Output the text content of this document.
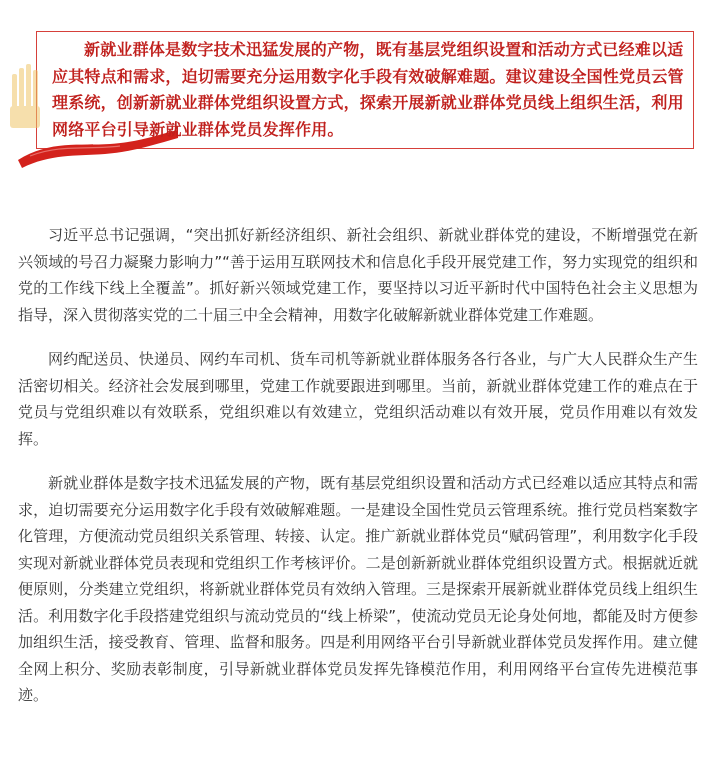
新就业群体是数字技术迅猛发展的产物，既有基层党组织设置和活动方式已经难以适应其特点和需求，迫切需要充分运用数字化手段有效破解难题。建议建设全国性党员云管理系统，创新新就业群体党组织设置方式，探索开展新就业群体党员线上组织生活，利用网络平台引导新就业群体党员发挥作用。

习近平总书记强调，“突出抓好新经济组织、新社会组织、新就业群体党的建设，不断增强党在新兴领域的号召力凝聚力影响力”“善于运用互联网技术和信息化手段开展党建工作，努力实现党的组织和党的工作线下线上全覆盖”。抓好新兴领域党建工作，要坚持以习近平新时代中国特色社会主义思想为指导，深入贯彻落实党的二十届三中全会精神，用数字化破解新就业群体党建工作难题。

网约配送员、快递员、网约车司机、货车司机等新就业群体服务各行各业，与广大人民群众生产生活密切相关。经济社会发展到哪里，党建工作就要跟进到哪里。当前，新就业群体党建工作的难点在于党员与党组织难以有效联系，党组织难以有效建立，党组织活动难以有效开展，党员作用难以有效发挥。

新就业群体是数字技术迅猛发展的产物，既有基层党组织设置和活动方式已经难以适应其特点和需求，迫切需要充分运用数字化手段有效破解难题。一是建设全国性党员云管理系统。推行党员档案数字化管理，方便流动党员组织关系管理、转接、认定。推广新就业群体党员“赋码管理”，利用数字化手段实现对新就业群体党员表现和党组织工作考核评价。二是创新新就业群体党组织设置方式。根据就近就便原则，分类建立党组织，将新就业群体党员有效纳入管理。三是探索开展新就业群体党员线上组织生活。利用数字化手段搭建党组织与流动党员的“线上桥梁”，使流动党员无论身处何地，都能及时方便参加组织生活，接受教育、管理、监督和服务。四是利用网络平台引导新就业群体党员发挥作用。建立健全网上积分、奖励表彰制度，引导新就业群体党员发挥先锋模范作用，利用网络平台宣传先进模范事迹。
